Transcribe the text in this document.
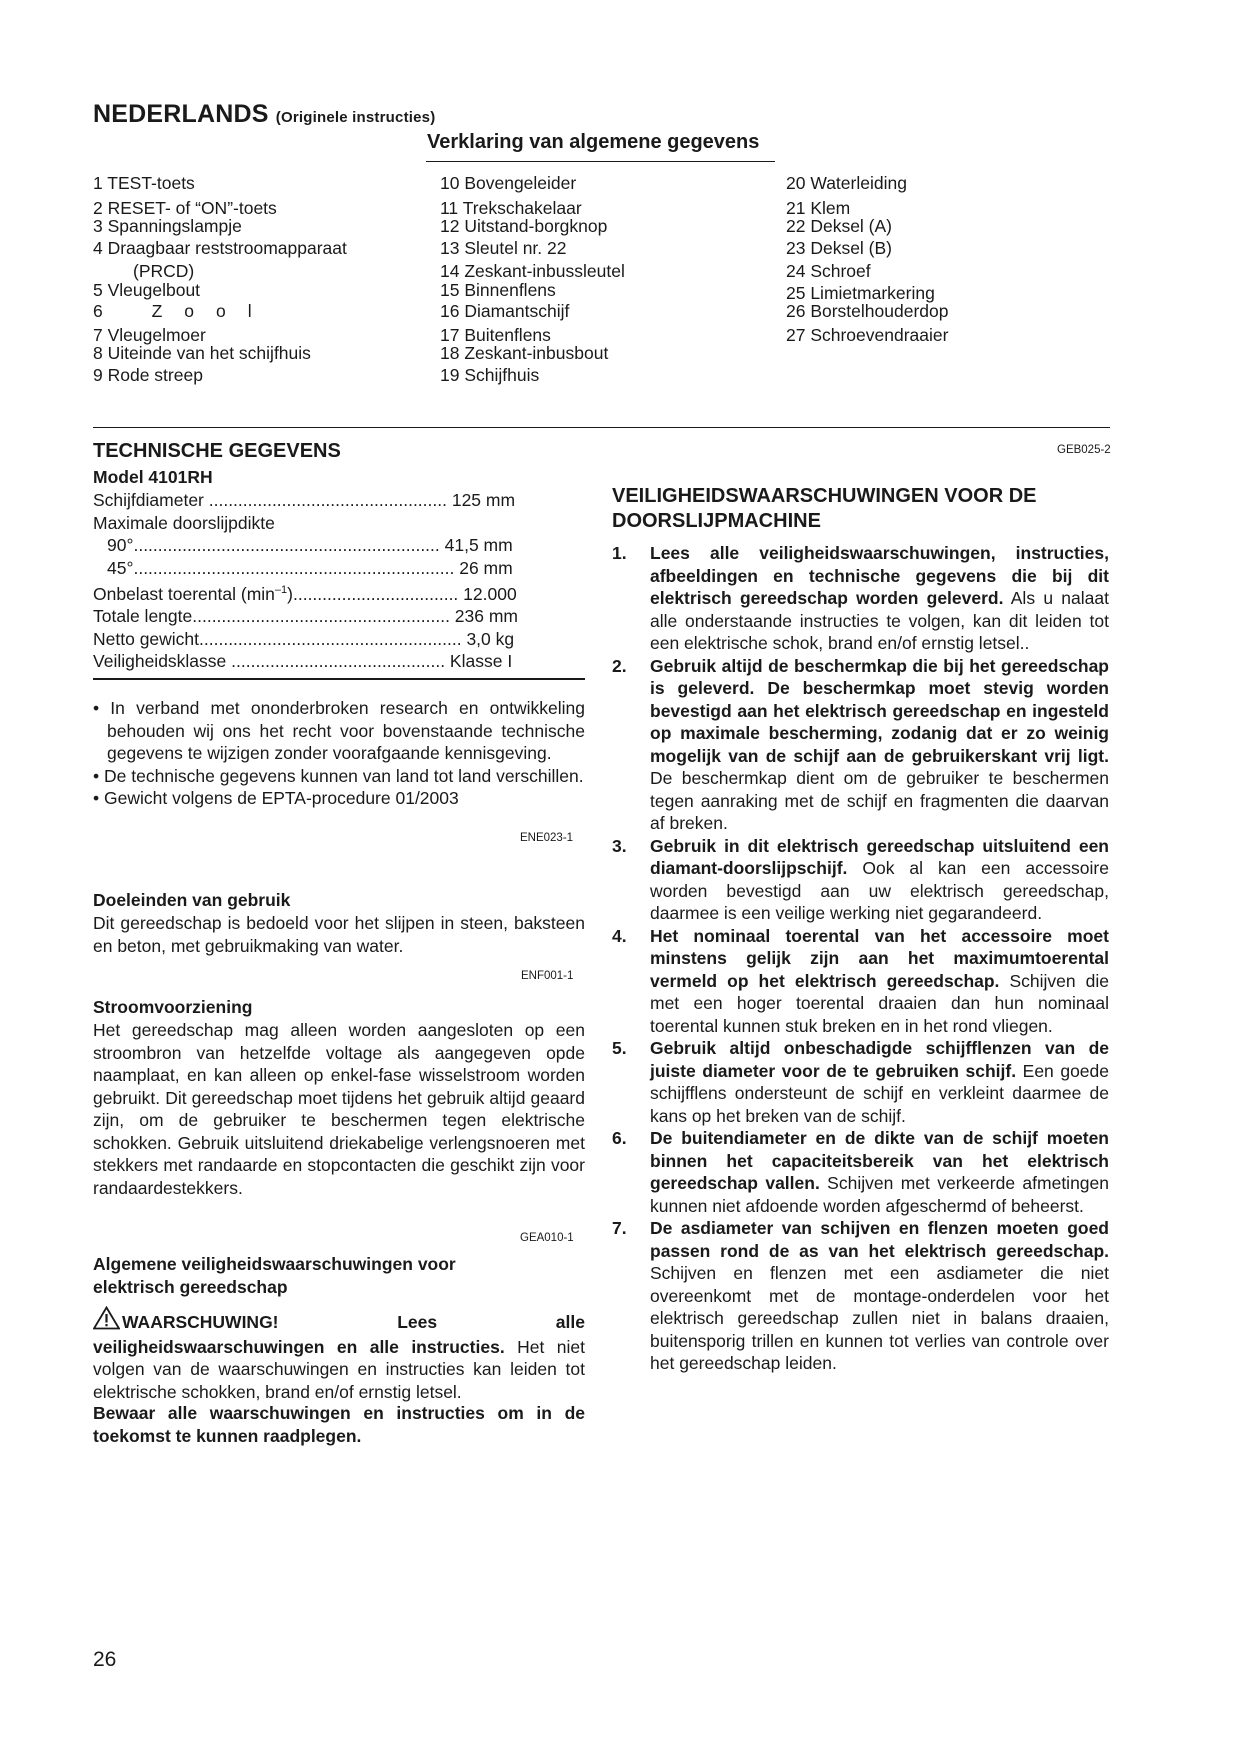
NEDERLANDS (Originele instructies)
Verklaring van algemene gegevens
1 TEST-toets
2 RESET- of “ON”-toets
3 Spanningslampje
4 Draagbaar reststroomapparaat
(PRCD)
5 Vleugelbout
6 Zool
7 Vleugelmoer
8 Uiteinde van het schijfhuis
9 Rode streep
10 Bovengeleider
11 Trekschakelaar
12 Uitstand-borgknop
13 Sleutel nr. 22
14 Zeskant-inbussleutel
15 Binnenflens
16 Diamantschijf
17 Buitenflens
18 Zeskant-inbusbout
19 Schijfhuis
20 Waterleiding
21 Klem
22 Deksel (A)
23 Deksel (B)
24 Schroef
25 Limietmarkering
26 Borstelhouderdop
27 Schroevendraaier
TECHNISCHE GEGEVENS
Model 4101RH
Schijfdiameter ................................................. 125 mm
Maximale doorslijpdikte
90°............................................................... 41,5 mm
45°.................................................................. 26 mm
Onbelast toerental $(\min^{-1})$.................................. 12.000
Totale lengte..................................................... 236 mm
Netto gewicht...................................................... 3,0 kg
Veiligheidsklasse ............................................ Klasse I
• In verband met ononderbroken research en ontwikkeling behouden wij ons het recht voor bovenstaande technische gegevens te wijzigen zonder voorafgaande kennisgeving.
• De technische gegevens kunnen van land tot land verschillen.
• Gewicht volgens de EPTA-procedure 01/2003
ENE023-1
Doeleinden van gebruik
Dit gereedschap is bedoeld voor het slijpen in steen, baksteen en beton, met gebruikmaking van water.
ENF001-1
Stroomvoorziening
Het gereedschap mag alleen worden aangesloten op een stroombron van hetzelfde voltage als aangegeven opde naamplaat, en kan alleen op enkel-fase wisselstroom worden gebruikt. Dit gereedschap moet tijdens het gebruik altijd geaard zijn, om de gebruiker te beschermen tegen elektrische schokken. Gebruik uitsluitend driekabelige verlengsnoeren met stekkers met randaarde en stopcontacten die geschikt zijn voor randaardestekkers.
GEA010-1
Algemene veiligheidswaarschuwingen voor elektrisch gereedschap
WAARSCHUWING! Lees alle veiligheidswaarschuwingen en alle instructies. Het niet volgen van de waarschuwingen en instructies kan leiden tot elektrische schokken, brand en/of ernstig letsel.
Bewaar alle waarschuwingen en instructies om in de toekomst te kunnen raadplegen.
GEB025-2
VEILIGHEIDSWAARSCHUWINGEN VOOR DE DOORSLIJPMACHINE
1. Lees alle veiligheidswaarschuwingen, instructies, afbeeldingen en technische gegevens die bij dit elektrisch gereedschap worden geleverd. Als u nalaat alle onderstaande instructies te volgen, kan dit leiden tot een elektrische schok, brand en/of ernstig letsel..
2. Gebruik altijd de beschermkap die bij het gereedschap is geleverd. De beschermkap moet stevig worden bevestigd aan het elektrisch gereedschap en ingesteld op maximale bescherming, zodanig dat er zo weinig mogelijk van de schijf aan de gebruikerskant vrij ligt. De beschermkap dient om de gebruiker te beschermen tegen aanraking met de schijf en fragmenten die daarvan af breken.
3. Gebruik in dit elektrisch gereedschap uitsluitend een diamant-doorslijpschijf. Ook al kan een accessoire worden bevestigd aan uw elektrisch gereedschap, daarmee is een veilige werking niet gegarandeerd.
4. Het nominaal toerental van het accessoire moet minstens gelijk zijn aan het maximumtoerental vermeld op het elektrisch gereedschap. Schijven die met een hoger toerental draaien dan hun nominaal toerental kunnen stuk breken en in het rond vliegen.
5. Gebruik altijd onbeschadigde schijfflenzen van de juiste diameter voor de te gebruiken schijf. Een goede schijfflens ondersteunt de schijf en verkleint daarmee de kans op het breken van de schijf.
6. De buitendiameter en de dikte van de schijf moeten binnen het capaciteitsbereik van het elektrisch gereedschap vallen. Schijven met verkeerde afmetingen kunnen niet afdoende worden afgeschermd of beheerst.
7. De asdiameter van schijven en flenzen moeten goed passen rond de as van het elektrisch gereedschap. Schijven en flenzen met een asdiameter die niet overeenkomt met de montage-onderdelen voor het elektrisch gereedschap zullen niet in balans draaien, buitensporig trillen en kunnen tot verlies van controle over het gereedschap leiden.
26
